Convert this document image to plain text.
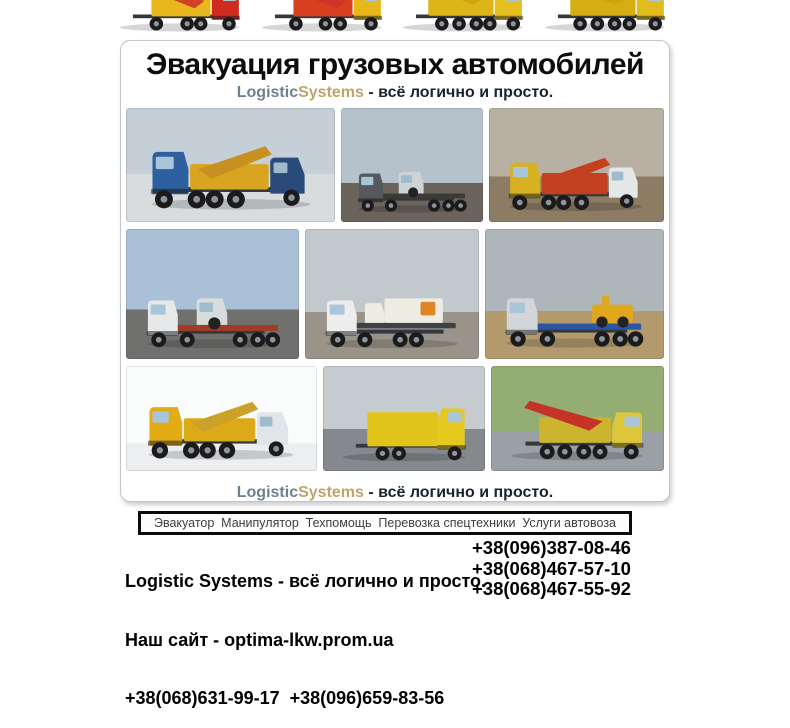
Эвакуация грузовых автомобилей
LogisticSystems - всё логично и просто.
LogisticSystems - всё логично и просто.
Эвакуатор Манипулятор Техпомощь Перевозка спецтехники Услуги автовоза

Logistic Systems - всё логично и просто.

Наш сайт - optima-lkw.prom.ua

+38(068)631-99-17  +38(096)659-83-56

+38(096)387-08-46
+38(068)467-57-10
+38(068)467-55-92
